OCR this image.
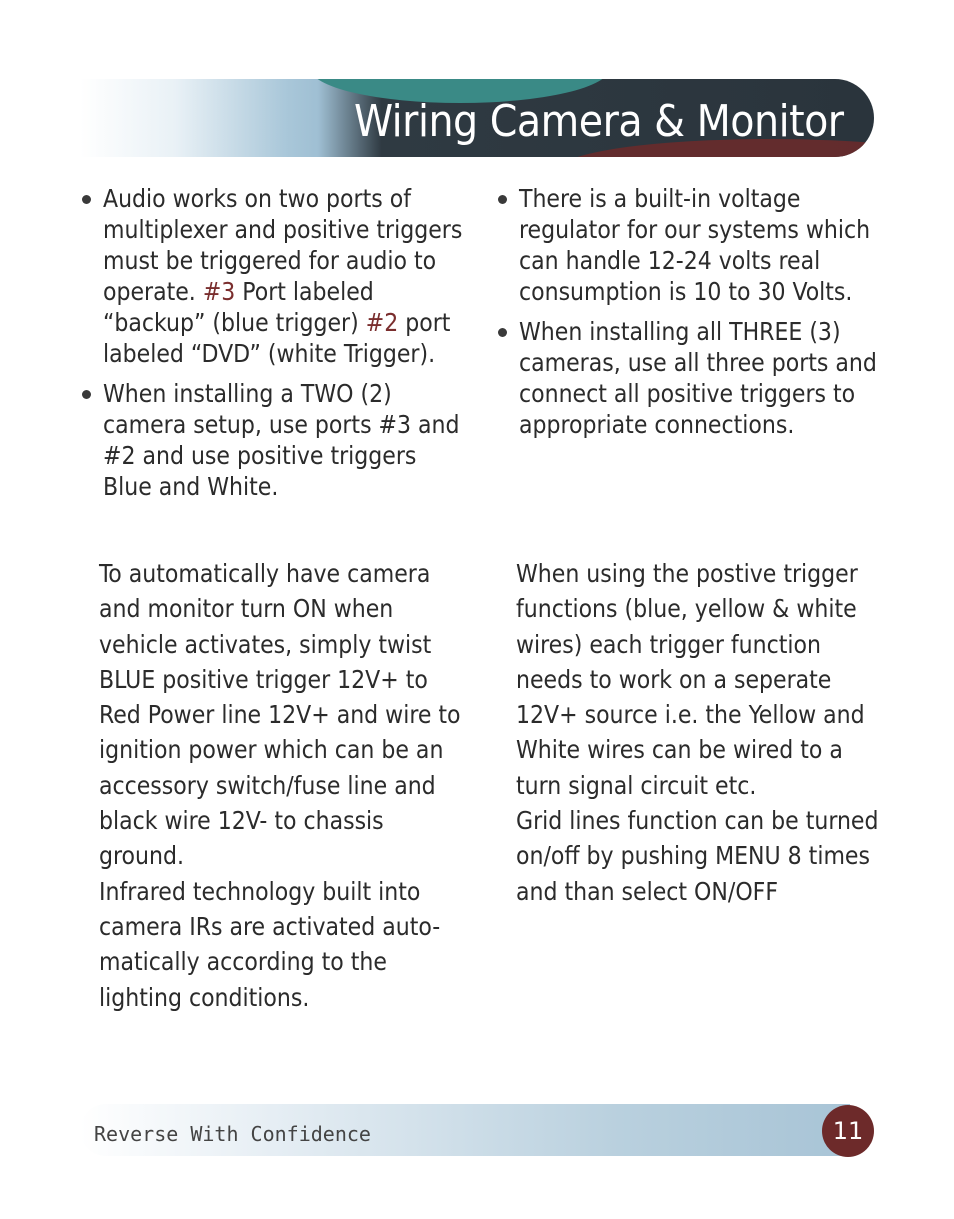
Wiring Camera & Monitor
Audio works on two ports of multiplexer and positive triggers must be triggered for audio to operate. #3 Port labeled “backup” (blue trigger) #2 port labeled “DVD” (white Trigger).
When installing a TWO (2) camera setup, use ports #3 and #2 and use positive triggers Blue and White.
There is a built-in voltage regulator for our systems which can handle 12-24 volts real consumption is 10 to 30 Volts.
When installing all THREE (3) cameras, use all three ports and connect all positive triggers to appropriate connections.

To automatically have camera and monitor turn ON when vehicle activates, simply twist BLUE positive trigger 12V+ to Red Power line 12V+ and wire to ignition power which can be an accessory switch/fuse line and black wire 12V- to chassis ground.

Infrared technology built into camera IRs are activated auto-matically according to the lighting conditions.

When using the postive trigger functions (blue, yellow & white wires) each trigger function needs to work on a seperate 12V+ source i.e. the Yellow and White wires can be wired to a turn signal circuit etc.

Grid lines function can be turned on/off by pushing MENU 8 times and than select ON/OFF

Reverse With Confidence	11
